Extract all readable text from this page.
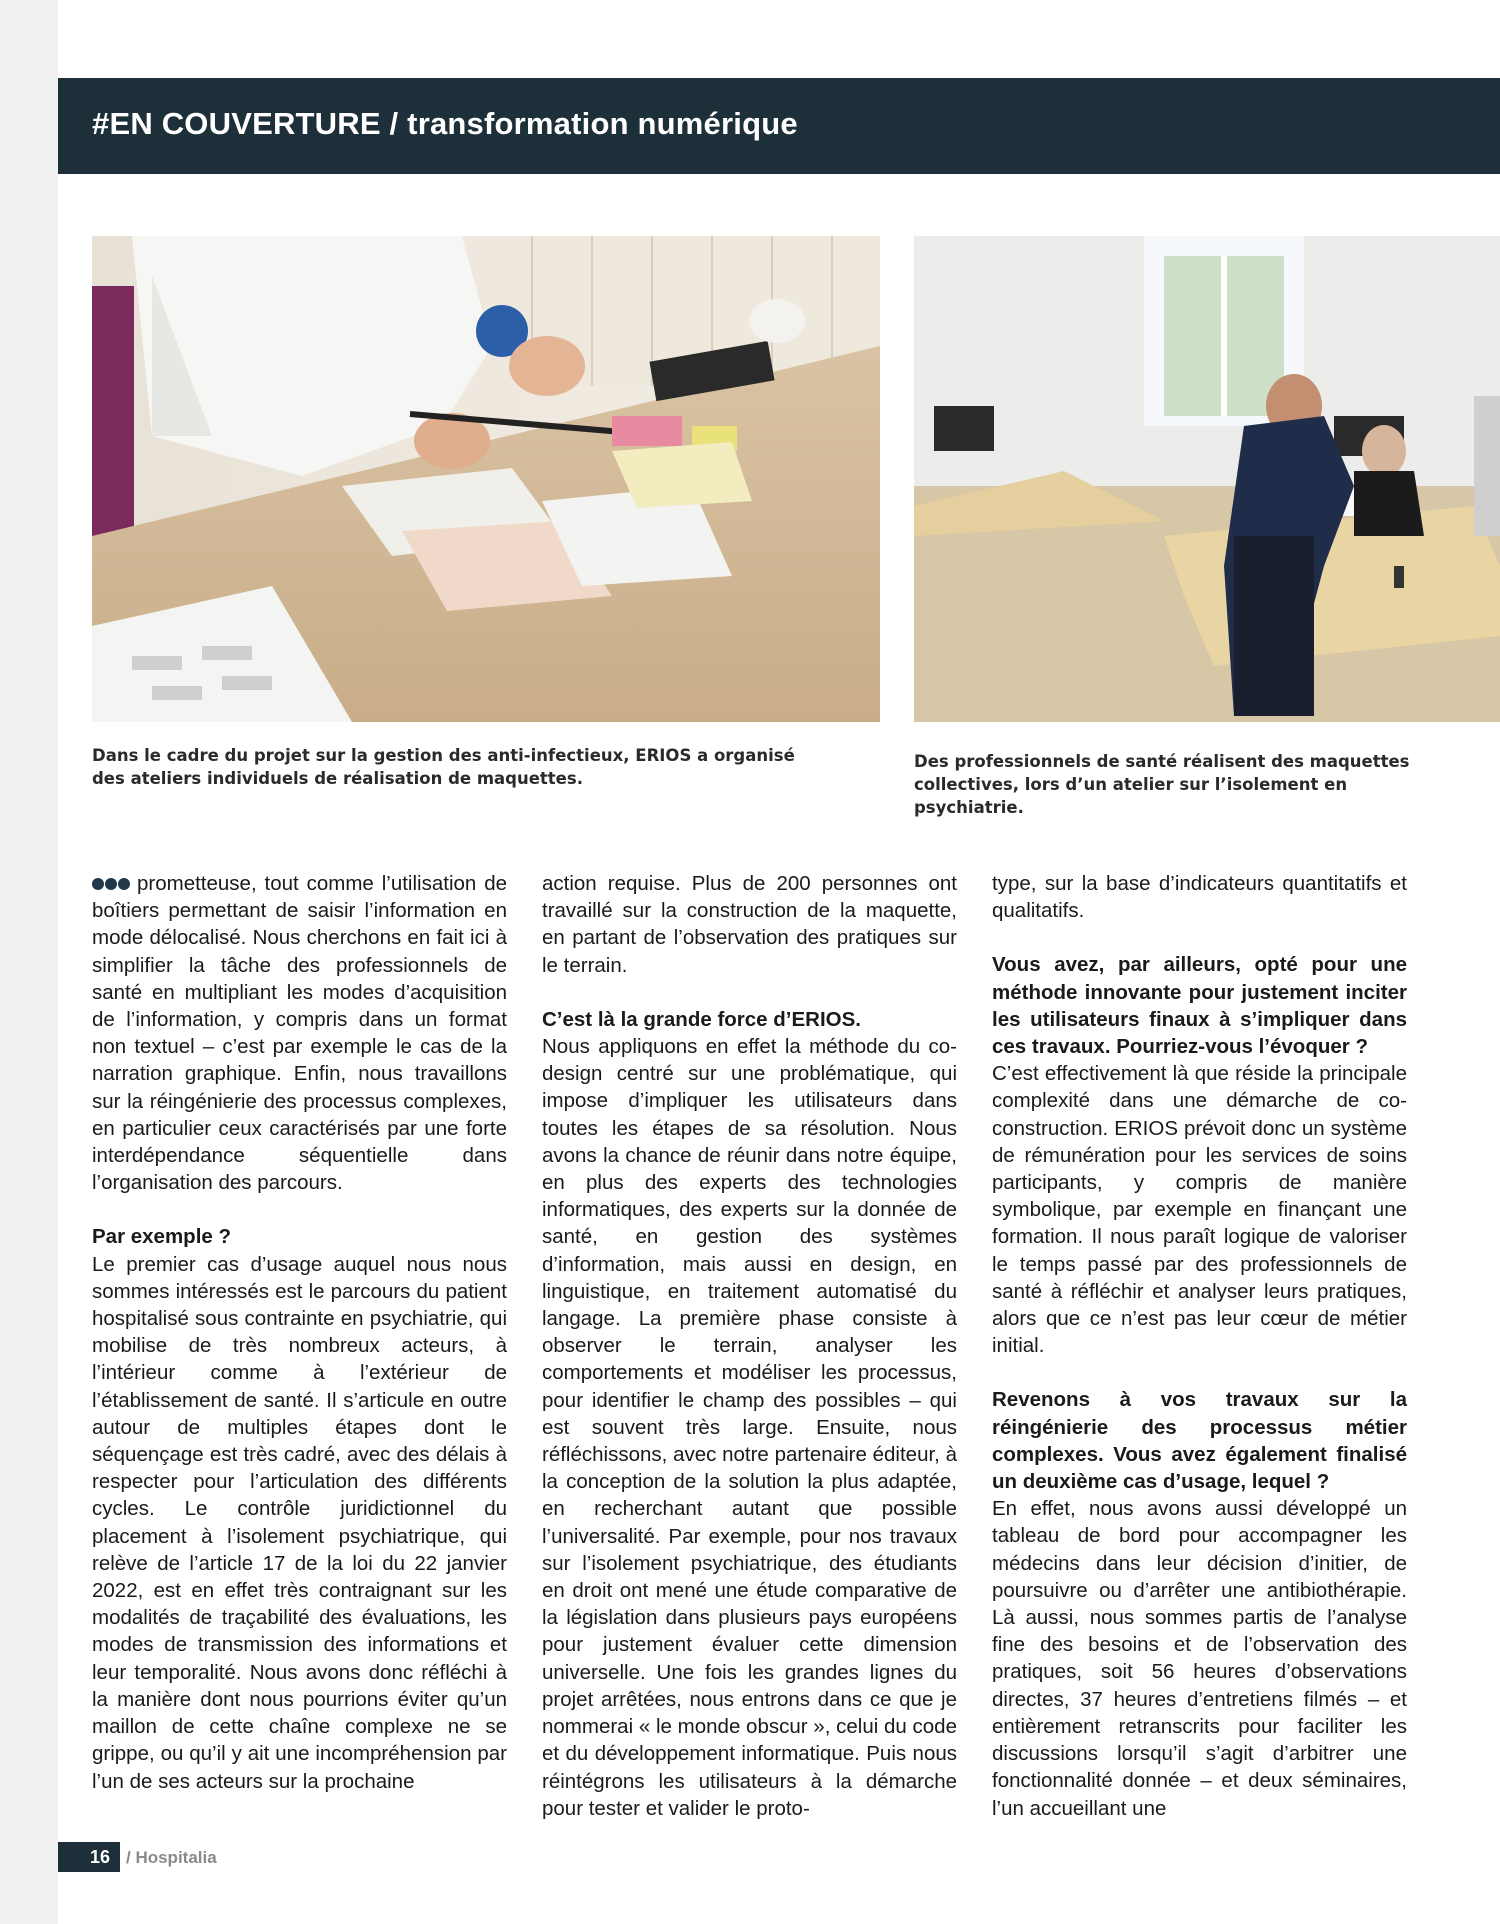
#EN COUVERTURE / transformation numérique
Dans le cadre du projet sur la gestion des anti-infectieux, ERIOS a organisé des ateliers individuels de réalisation de maquettes.
Des professionnels de santé réalisent des maquettes collectives, lors d’un atelier sur l’isolement en psychiatrie.

prometteuse, tout comme l’utilisation de boîtiers permettant de saisir l’information en mode délocalisé. Nous cherchons en fait ici à simplifier la tâche des professionnels de santé en multipliant les modes d’acquisition de l’information, y compris dans un format non textuel – c’est par exemple le cas de la narration graphique. Enfin, nous travaillons sur la réingénierie des processus complexes, en particulier ceux caractérisés par une forte interdépendance séquentielle dans l’organisation des parcours.

Par exemple ?

Le premier cas d’usage auquel nous nous sommes intéressés est le parcours du patient hospitalisé sous contrainte en psychiatrie, qui mobilise de très nombreux acteurs, à l’intérieur comme à l’extérieur de l’établissement de santé. Il s’articule en outre autour de multiples étapes dont le séquençage est très cadré, avec des délais à respecter pour l’articulation des différents cycles. Le contrôle juridictionnel du placement à l’isolement psychiatrique, qui relève de l’article 17 de la loi du 22 janvier 2022, est en effet très contraignant sur les modalités de traçabilité des évaluations, les modes de transmission des informations et leur temporalité. Nous avons donc réfléchi à la manière dont nous pourrions éviter qu’un maillon de cette chaîne complexe ne se grippe, ou qu’il y ait une incompréhension par l’un de ses acteurs sur la prochaine

action requise. Plus de 200 personnes ont travaillé sur la construction de la maquette, en partant de l’observation des pratiques sur le terrain.

C’est là la grande force d’ERIOS.

Nous appliquons en effet la méthode du co-design centré sur une problématique, qui impose d’impliquer les utilisateurs dans toutes les étapes de sa résolution. Nous avons la chance de réunir dans notre équipe, en plus des experts des technologies informatiques, des experts sur la donnée de santé, en gestion des systèmes d’information, mais aussi en design, en linguistique, en traitement automatisé du langage. La première phase consiste à observer le terrain, analyser les comportements et modéliser les processus, pour identifier le champ des possibles – qui est souvent très large. Ensuite, nous réfléchissons, avec notre partenaire éditeur, à la conception de la solution la plus adaptée, en recherchant autant que possible l’universalité. Par exemple, pour nos travaux sur l’isolement psychiatrique, des étudiants en droit ont mené une étude comparative de la législation dans plusieurs pays européens pour justement évaluer cette dimension universelle. Une fois les grandes lignes du projet arrêtées, nous entrons dans ce que je nommerai « le monde obscur », celui du code et du développement informatique. Puis nous réintégrons les utilisateurs à la démarche pour tester et valider le proto-

type, sur la base d’indicateurs quantitatifs et qualitatifs.

Vous avez, par ailleurs, opté pour une méthode innovante pour justement inciter les utilisateurs finaux à s’impliquer dans ces travaux. Pourriez-vous l’évoquer ?

C’est effectivement là que réside la principale complexité dans une démarche de co-construction. ERIOS prévoit donc un système de rémunération pour les services de soins participants, y compris de manière symbolique, par exemple en finançant une formation. Il nous paraît logique de valoriser le temps passé par des professionnels de santé à réfléchir et analyser leurs pratiques, alors que ce n’est pas leur cœur de métier initial.

Revenons à vos travaux sur la réingénierie des processus métier complexes. Vous avez également finalisé un deuxième cas d’usage, lequel ?

En effet, nous avons aussi développé un tableau de bord pour accompagner les médecins dans leur décision d’initier, de poursuivre ou d’arrêter une antibiothérapie. Là aussi, nous sommes partis de l’analyse fine des besoins et de l’observation des pratiques, soit 56 heures d’observations directes, 37 heures d’entretiens filmés – et entièrement retranscrits pour faciliter les discussions lorsqu’il s’agit d’arbitrer une fonctionnalité donnée – et deux séminaires, l’un accueillant une

16 / Hospitalia
